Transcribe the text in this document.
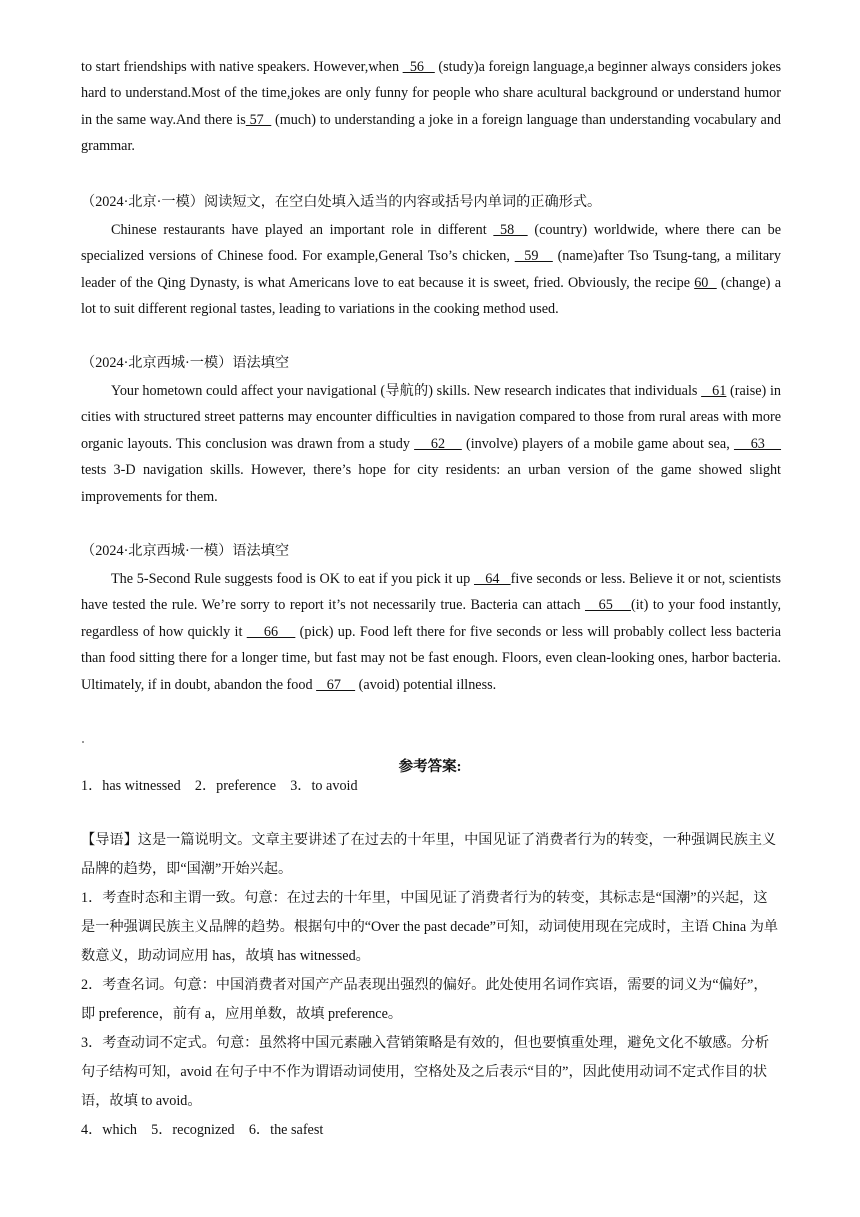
to start friendships with native speakers. However,when   56    (study)a foreign language,a beginner always considers jokes hard to understand.Most of the time,jokes are only funny for people who share acultural background or understand humor in the same way.And there is 57   (much) to understanding a joke in a foreign language than understanding vocabulary and grammar.

（2024·北京·一模）阅读短文，在空白处填入适当的内容或括号内单词的正确形式。

Chinese restaurants have played an important role in different  58   (country) worldwide, where there can be specialized versions of Chinese food. For example,General Tso’s chicken,   59    (name)after Tso Tsung-tang, a military leader of the Qing Dynasty, is what Americans love to eat because it is sweet, fried. Obviously, the recipe 60   (change) a lot to suit different regional tastes, leading to variations in the cooking method used.

（2024·北京西城·一模）语法填空

Your hometown could affect your navigational (导航的) skills. New research indicates that individuals    61 (raise) in cities with structured street patterns may encounter difficulties in navigation compared to those from rural areas with more organic layouts. This conclusion was drawn from a study     62     (involve) players of a mobile game about sea,     63     tests 3-D navigation skills. However, there’s hope for city residents: an urban version of the game showed slight improvements for them.

（2024·北京西城·一模）语法填空

The 5-Second Rule suggests food is OK to eat if you pick it up    64   five seconds or less. Believe it or not, scientists have tested the rule. We’re sorry to report it’s not necessarily true. Bacteria can attach    65    (it) to your food instantly, regardless of how quickly it     66     (pick) up. Food left there for five seconds or less will probably collect less bacteria than food sitting there for a longer time, but fast may not be fast enough. Floors, even clean-looking ones, harbor bacteria. Ultimately, if in doubt, abandon the food    67     (avoid) potential illness.

参考答案:
1．has witnessed　2．preference　3．to avoid

【导语】这是一篇说明文。文章主要讲述了在过去的十年里，中国见证了消费者行为的转变，一种强调民族主义品牌的趋势，即“国潮”开始兴起。

1．考查时态和主谓一致。句意：在过去的十年里，中国见证了消费者行为的转变，其标志是“国潮”的兴起，这是一种强调民族主义品牌的趋势。根据句中的“Over the past decade”可知，动词使用现在完成时，主语 China 为单数意义，助动词应用 has，故填 has witnessed。

2．考查名词。句意：中国消费者对国产产品表现出强烈的偏好。此处使用名词作宾语，需要的词义为“偏好”，即 preference，前有 a，应用单数，故填 preference。

3．考查动词不定式。句意：虽然将中国元素融入营销策略是有效的，但也要慎重处理，避免文化不敏感。分析句子结构可知，avoid 在句子中不作为谓语动词使用，空格处及之后表示“目的”，因此使用动词不定式作目的状语，故填 to avoid。

4．which　5．recognized　6．the safest
